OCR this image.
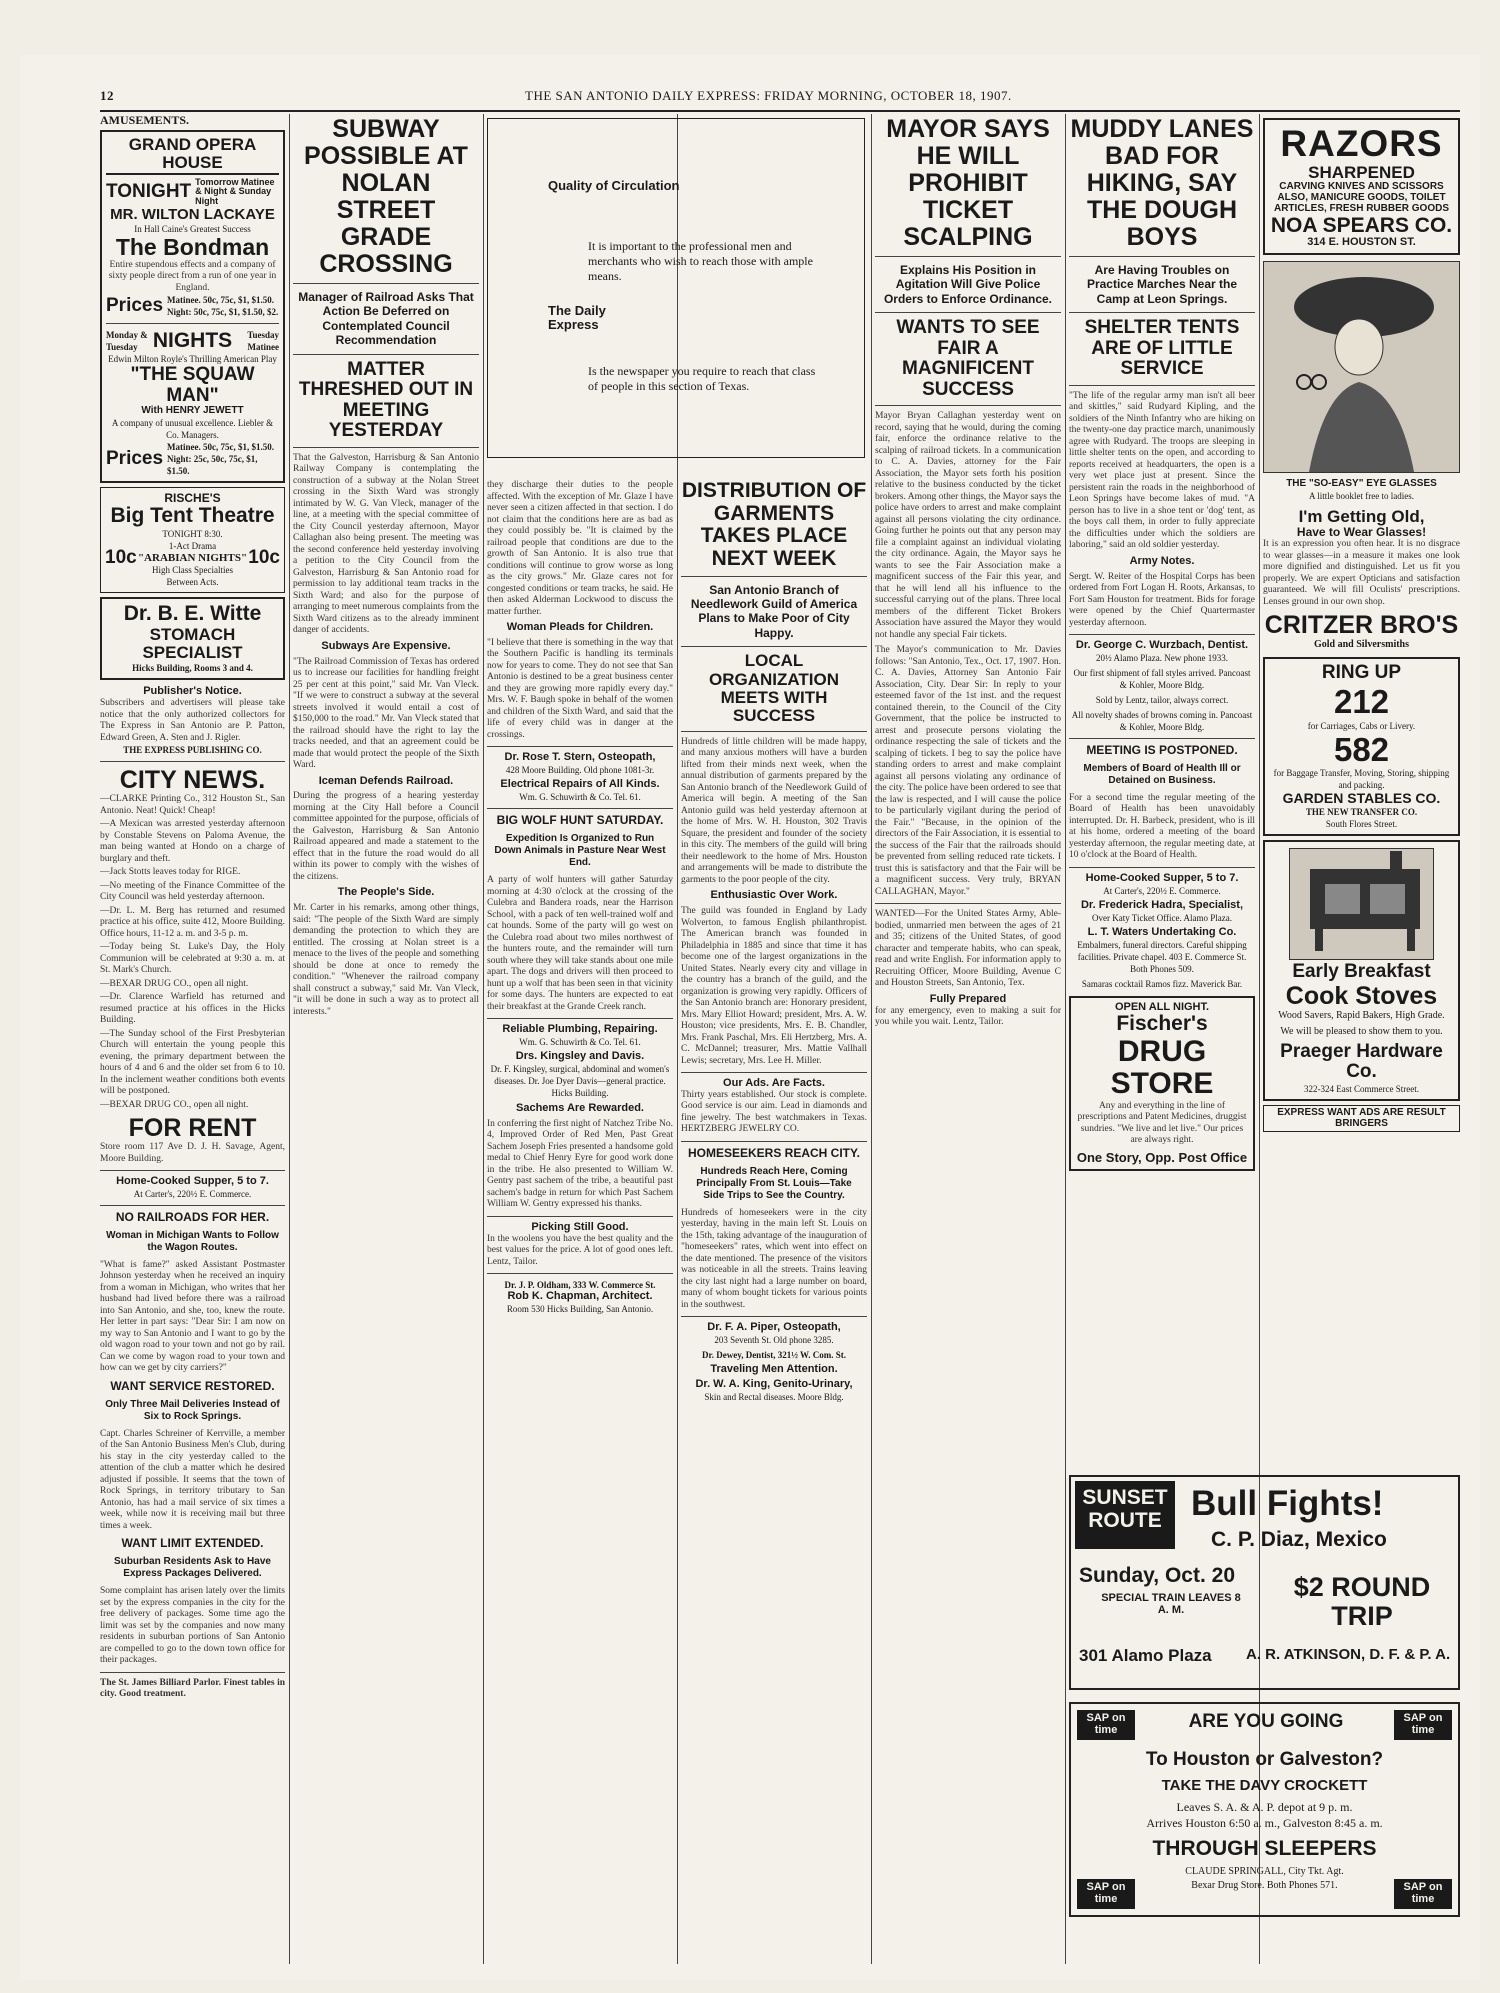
12	THE SAN ANTONIO DAILY EXPRESS: FRIDAY MORNING, OCTOBER 18, 1907.
AMUSEMENTS.
GRAND OPERA HOUSE
TONIGHT Tomorrow Matinee & Night & Sunday Night
MR. WILTON LACKAYE
In Hall Caine's Greatest Success
The Bondman
Entire stupendous effects and a company of sixty people direct from a run of one year in England.
Prices Matinee. 50c, 75c, $1, $1.50.
Night: 50c, 75c, $1, $1.50, $2.
Monday & Tuesday NIGHTS	Tuesday Matinee
Edwin Milton Royle's Thrilling American Play
"THE SQUAW MAN"
With HENRY JEWETT
A company of unusual excellence. Liebler & Co. Managers.
Prices
Matinee. 50c, 75c, $1, $1.50.
Night: 25c, 50c, 75c, $1, $1.50.
RISCHE'S
Big Tent Theatre
10c
TONIGHT 8:30.
1-Act Drama
"ARABIAN NIGHTS"
High Class Specialties Between Acts.
10c
Dr. B. E. Witte
STOMACH SPECIALIST
Hicks Building, Rooms 3 and 4.
Publisher's Notice.
Subscribers and advertisers will please take notice that the only authorized collectors for The Express in San Antonio are P. Patton, Edward Green, A. Sten and J. Rigler.
THE EXPRESS PUBLISHING CO.
CITY NEWS.
—CLARKE Printing Co., 312 Houston St., San Antonio. Neat! Quick! Cheap!
—A Mexican was arrested yesterday afternoon by Constable Stevens on Paloma Avenue, the man being wanted at Hondo on a charge of burglary and theft.
—Jack Stotts leaves today for RIGE.
—No meeting of the Finance Committee of the City Council was held yesterday afternoon.
—Dr. L. M. Berg has returned and resumed practice at his office, suite 412, Moore Building. Office hours, 11-12 a. m. and 3-5 p. m.
—Today being St. Luke's Day, the Holy Communion will be celebrated at 9:30 a. m. at St. Mark's Church.
—BEXAR DRUG CO., open all night.
—Dr. Clarence Warfield has returned and resumed practice at his offices in the Hicks Building.
—The Sunday school of the First Presbyterian Church will entertain the young people this evening, the primary department between the hours of 4 and 6 and the older set from 6 to 10. In the inclement weather conditions both events will be postponed.
—BEXAR DRUG CO., open all night.
FOR RENT
Store room 117 Ave D. J. H. Savage, Agent, Moore Building.
Home-Cooked Supper, 5 to 7.
At Carter's, 220½ E. Commerce.
NO RAILROADS FOR HER.
Woman in Michigan Wants to Follow the Wagon Routes.
"What is fame?" asked Assistant Postmaster Johnson yesterday when he received an inquiry from a woman in Michigan, who writes that her husband had lived before there was a railroad into San Antonio, and she, too, knew the route. Her letter in part says: "Dear Sir: I am now on my way to San Antonio and I want to go by the old wagon road to your town and not go by rail. Can we come by wagon road to your town and how can we get by city carriers?"
WANT SERVICE RESTORED.
Only Three Mail Deliveries Instead of Six to Rock Springs.
Capt. Charles Schreiner of Kerrville, a member of the San Antonio Business Men's Club, during his stay in the city yesterday called to the attention of the club a matter which he desired adjusted if possible. It seems that the town of Rock Springs, in territory tributary to San Antonio, has had a mail service of six times a week, while now it is receiving mail but three times a week.
WANT LIMIT EXTENDED.
Suburban Residents Ask to Have Express Packages Delivered.
Some complaint has arisen lately over the limits set by the express companies in the city for the free delivery of packages. Some time ago the limit was set by the companies and now many residents in suburban portions of San Antonio are compelled to go to the down town office for their packages.
The St. James Billiard Parlor. Finest tables in city. Good treatment.
SUBWAY POSSIBLE AT NOLAN STREET GRADE CROSSING
Manager of Railroad Asks That Action Be Deferred on Contemplated Council Recommendation
MATTER THRESHED OUT IN MEETING YESTERDAY
That the Galveston, Harrisburg & San Antonio Railway Company is contemplating the construction of a subway at the Nolan Street crossing in the Sixth Ward was strongly intimated by W. G. Van Vleck, manager of the line, at a meeting with the special committee of the City Council yesterday afternoon, Mayor Callaghan also being present. The meeting was the second conference held yesterday involving a petition to the City Council from the Galveston, Harrisburg & San Antonio road for permission to lay additional team tracks in the Sixth Ward; and also for the purpose of arranging to meet numerous complaints from the Sixth Ward citizens as to the already imminent danger of accidents.
Subways Are Expensive.
"The Railroad Commission of Texas has ordered us to increase our facilities for handling freight 25 per cent at this point," said Mr. Van Vleck. "If we were to construct a subway at the several streets involved it would entail a cost of $150,000 to the road." Mr. Van Vleck stated that the railroad should have the right to lay the tracks needed, and that an agreement could be made that would protect the people of the Sixth Ward.
Iceman Defends Railroad.
During the progress of a hearing yesterday morning at the City Hall before a Council committee appointed for the purpose, officials of the Galveston, Harrisburg & San Antonio Railroad appeared and made a statement to the effect that in the future the road would do all within its power to comply with the wishes of the citizens.
The People's Side.
Mr. Carter in his remarks, among other things, said: "The people of the Sixth Ward are simply demanding the protection to which they are entitled. The crossing at Nolan street is a menace to the lives of the people and something should be done at once to remedy the condition." "Whenever the railroad company shall construct a subway," said Mr. Van Vleck, "it will be done in such a way as to protect all interests."
Quality of Circulation
It is important to the professional men and merchants who wish to reach those with ample means.
The Daily Express
Is the newspaper you require to reach that class of people in this section of Texas.
they discharge their duties to the people affected. With the exception of Mr. Glaze I have never seen a citizen affected in that section. I do not claim that the conditions here are as bad as they could possibly be. "It is claimed by the railroad people that conditions are due to the growth of San Antonio. It is also true that conditions will continue to grow worse as long as the city grows." Mr. Glaze cares not for congested conditions or team tracks, he said. He then asked Alderman Lockwood to discuss the matter further.
Woman Pleads for Children.
"I believe that there is something in the way that the Southern Pacific is handling its terminals now for years to come. They do not see that San Antonio is destined to be a great business center and they are growing more rapidly every day." Mrs. W. F. Baugh spoke in behalf of the women and children of the Sixth Ward, and said that the life of every child was in danger at the crossings.
Dr. Rose T. Stern, Osteopath,
428 Moore Building. Old phone 1081-3r.
Electrical Repairs of All Kinds.
Wm. G. Schuwirth & Co. Tel. 61.
BIG WOLF HUNT SATURDAY.
Expedition Is Organized to Run Down Animals in Pasture Near West End.
A party of wolf hunters will gather Saturday morning at 4:30 o'clock at the crossing of the Culebra and Bandera roads, near the Harrison School, with a pack of ten well-trained wolf and cat hounds. Some of the party will go west on the Culebra road about two miles northwest of the hunters route, and the remainder will turn south where they will take stands about one mile apart. The dogs and drivers will then proceed to hunt up a wolf that has been seen in that vicinity for some days. The hunters are expected to eat their breakfast at the Grande Creek ranch.
Reliable Plumbing, Repairing.
Wm. G. Schuwirth & Co. Tel. 61.
Drs. Kingsley and Davis.
Dr. F. Kingsley, surgical, abdominal and women's diseases. Dr. Joe Dyer Davis—general practice. Hicks Building.
Sachems Are Rewarded.
In conferring the first night of Natchez Tribe No. 4, Improved Order of Red Men, Past Great Sachem Joseph Fries presented a handsome gold medal to Chief Henry Eyre for good work done in the tribe. He also presented to William W. Gentry past sachem of the tribe, a beautiful past sachem's badge in return for which Past Sachem William W. Gentry expressed his thanks.
Picking Still Good.
In the woolens you have the best quality and the best values for the price. A lot of good ones left. Lentz, Tailor.
Dr. J. P. Oldham, 333 W. Commerce St.
Rob K. Chapman, Architect.
Room 530 Hicks Building, San Antonio.
DISTRIBUTION OF GARMENTS TAKES PLACE NEXT WEEK
San Antonio Branch of Needlework Guild of America Plans to Make Poor of City Happy.
LOCAL ORGANIZATION MEETS WITH SUCCESS
Hundreds of little children will be made happy, and many anxious mothers will have a burden lifted from their minds next week, when the annual distribution of garments prepared by the San Antonio branch of the Needlework Guild of America will begin. A meeting of the San Antonio guild was held yesterday afternoon at the home of Mrs. W. H. Houston, 302 Travis Square, the president and founder of the society in this city. The members of the guild will bring their needlework to the home of Mrs. Houston and arrangements will be made to distribute the garments to the poor people of the city.
Enthusiastic Over Work.
The guild was founded in England by Lady Wolverton, to famous English philanthropist. The American branch was founded in Philadelphia in 1885 and since that time it has become one of the largest organizations in the United States. Nearly every city and village in the country has a branch of the guild, and the organization is growing very rapidly. Officers of the San Antonio branch are: Honorary president, Mrs. Mary Elliot Howard; president, Mrs. A. W. Houston; vice presidents, Mrs. E. B. Chandler, Mrs. Frank Paschal, Mrs. Eli Hertzberg, Mrs. A. C. McDannel; treasurer, Mrs. Mattie Vallhall Lewis; secretary, Mrs. Lee H. Miller.
Our Ads. Are Facts.
Thirty years established. Our stock is complete. Good service is our aim. Lead in diamonds and fine jewelry. The best watchmakers in Texas. HERTZBERG JEWELRY CO.
HOMESEEKERS REACH CITY.
Hundreds Reach Here, Coming Principally From St. Louis—Take Side Trips to See the Country.
Hundreds of homeseekers were in the city yesterday, having in the main left St. Louis on the 15th, taking advantage of the inauguration of "homeseekers" rates, which went into effect on the date mentioned. The presence of the visitors was noticeable in all the streets. Trains leaving the city last night had a large number on board, many of whom bought tickets for various points in the southwest.
Dr. F. A. Piper, Osteopath,
203 Seventh St. Old phone 3285.
Dr. Dewey, Dentist, 321½ W. Com. St.
Traveling Men Attention.
Dr. W. A. King, Genito-Urinary,
Skin and Rectal diseases. Moore Bldg.
MAYOR SAYS HE WILL PROHIBIT TICKET SCALPING
Explains His Position in Agitation Will Give Police Orders to Enforce Ordinance.
WANTS TO SEE FAIR A MAGNIFICENT SUCCESS
Mayor Bryan Callaghan yesterday went on record, saying that he would, during the coming fair, enforce the ordinance relative to the scalping of railroad tickets. In a communication to C. A. Davies, attorney for the Fair Association, the Mayor sets forth his position relative to the business conducted by the ticket brokers. Among other things, the Mayor says the police have orders to arrest and make complaint against all persons violating the city ordinance. Going further he points out that any person may file a complaint against an individual violating the city ordinance. Again, the Mayor says he wants to see the Fair Association make a magnificent success of the Fair this year, and that he will lend all his influence to the successful carrying out of the plans. Three local members of the different Ticket Brokers Association have assured the Mayor they would not handle any special Fair tickets.
The Mayor's communication to Mr. Davies follows: "San Antonio, Tex., Oct. 17, 1907. Hon. C. A. Davies, Attorney San Antonio Fair Association, City. Dear Sir: In reply to your esteemed favor of the 1st inst. and the request contained therein, to the Council of the City Government, that the police be instructed to arrest and prosecute persons violating the ordinance respecting the sale of tickets and the scalping of tickets. I beg to say the police have standing orders to arrest and make complaint against all persons violating any ordinance of the city. The police have been ordered to see that the law is respected, and I will cause the police to be particularly vigilant during the period of the Fair." "Because, in the opinion of the directors of the Fair Association, it is essential to the success of the Fair that the railroads should be prevented from selling reduced rate tickets. I trust this is satisfactory and that the Fair will be a magnificent success. Very truly, BRYAN CALLAGHAN, Mayor."
WANTED—For the United States Army, Able-bodied, unmarried men between the ages of 21 and 35; citizens of the United States, of good character and temperate habits, who can speak, read and write English. For information apply to Recruiting Officer, Moore Building, Avenue C and Houston Streets, San Antonio, Tex.
Fully Prepared
for any emergency, even to making a suit for you while you wait. Lentz, Tailor.
MUDDY LANES BAD FOR HIKING, SAY THE DOUGH BOYS
Are Having Troubles on Practice Marches Near the Camp at Leon Springs.
SHELTER TENTS ARE OF LITTLE SERVICE
"The life of the regular army man isn't all beer and skittles," said Rudyard Kipling, and the soldiers of the Ninth Infantry who are hiking on the twenty-one day practice march, unanimously agree with Rudyard. The troops are sleeping in little shelter tents on the open, and according to reports received at headquarters, the open is a very wet place just at present. Since the persistent rain the roads in the neighborhood of Leon Springs have become lakes of mud. "A person has to live in a shoe tent or 'dog' tent, as the boys call them, in order to fully appreciate the difficulties under which the soldiers are laboring," said an old soldier yesterday.
Army Notes.
Sergt. W. Reiter of the Hospital Corps has been ordered from Fort Logan H. Roots, Arkansas, to Fort Sam Houston for treatment. Bids for forage were opened by the Chief Quartermaster yesterday afternoon.
Dr. George C. Wurzbach, Dentist.
20½ Alamo Plaza. New phone 1933.
Our first shipment of fall styles arrived. Pancoast & Kohler, Moore Bldg.
Sold by Lentz, tailor, always correct.
All novelty shades of browns coming in. Pancoast & Kohler, Moore Bldg.
MEETING IS POSTPONED.
Members of Board of Health Ill or Detained on Business.
For a second time the regular meeting of the Board of Health has been unavoidably interrupted. Dr. H. Barbeck, president, who is ill at his home, ordered a meeting of the board yesterday afternoon, the regular meeting date, at 10 o'clock at the Board of Health.
Home-Cooked Supper, 5 to 7.
At Carter's, 220½ E. Commerce.
Dr. Frederick Hadra, Specialist,
Over Katy Ticket Office. Alamo Plaza.
L. T. Waters Undertaking Co.
Embalmers, funeral directors. Careful shipping facilities. Private chapel. 403 E. Commerce St. Both Phones 509.
Samaras cocktail Ramos fizz. Maverick Bar.
OPEN ALL NIGHT.
Fischer's
DRUG STORE
Any and everything in the line of prescriptions and Patent Medicines, druggist sundries. "We live and let live." Our prices are always right.
One Story, Opp. Post Office
RAZORS
SHARPENED
CARVING KNIVES AND SCISSORS ALSO, MANICURE GOODS, TOILET ARTICLES, FRESH RUBBER GOODS
NOA SPEARS CO.
314 E. HOUSTON ST.
THE "SO-EASY" EYE GLASSES
A little booklet free to ladies.
I'm Getting Old,
Have to Wear Glasses!
It is an expression you often hear. It is no disgrace to wear glasses—in a measure it makes one look more dignified and distinguished. Let us fit you properly. We are expert Opticians and satisfaction guaranteed. We will fill Oculists' prescriptions. Lenses ground in our own shop.
CRITZER BRO'S
Gold and Silversmiths
RING UP
212
for Carriages, Cabs or Livery.
582
for Baggage Transfer, Moving, Storing, shipping and packing.
GARDEN STABLES CO.
THE NEW TRANSFER CO.
South Flores Street.
Early Breakfast
Cook Stoves
Wood Savers, Rapid Bakers, High Grade.
We will be pleased to show them to you.
Praeger Hardware Co.
322-324 East Commerce Street.
EXPRESS WANT ADS ARE RESULT BRINGERS
SUNSET
ROUTE Bull Fights!
C. P. Diaz, Mexico
Sunday, Oct. 20
SPECIAL TRAIN LEAVES 8 A. M.
$2 ROUND TRIP
301 Alamo Plaza A. R. ATKINSON, D. F. & P. A.
SAP on time
SAP on time
ARE YOU GOING
To Houston or Galveston?
TAKE THE DAVY CROCKETT
Leaves S. A. & A. P. depot at 9 p. m.
Arrives Houston 6:50 a. m., Galveston 8:45 a. m.
THROUGH SLEEPERS
CLAUDE SPRINGALL, City Tkt. Agt.
Bexar Drug Store. Both Phones 571.
SAP on time
SAP on time
